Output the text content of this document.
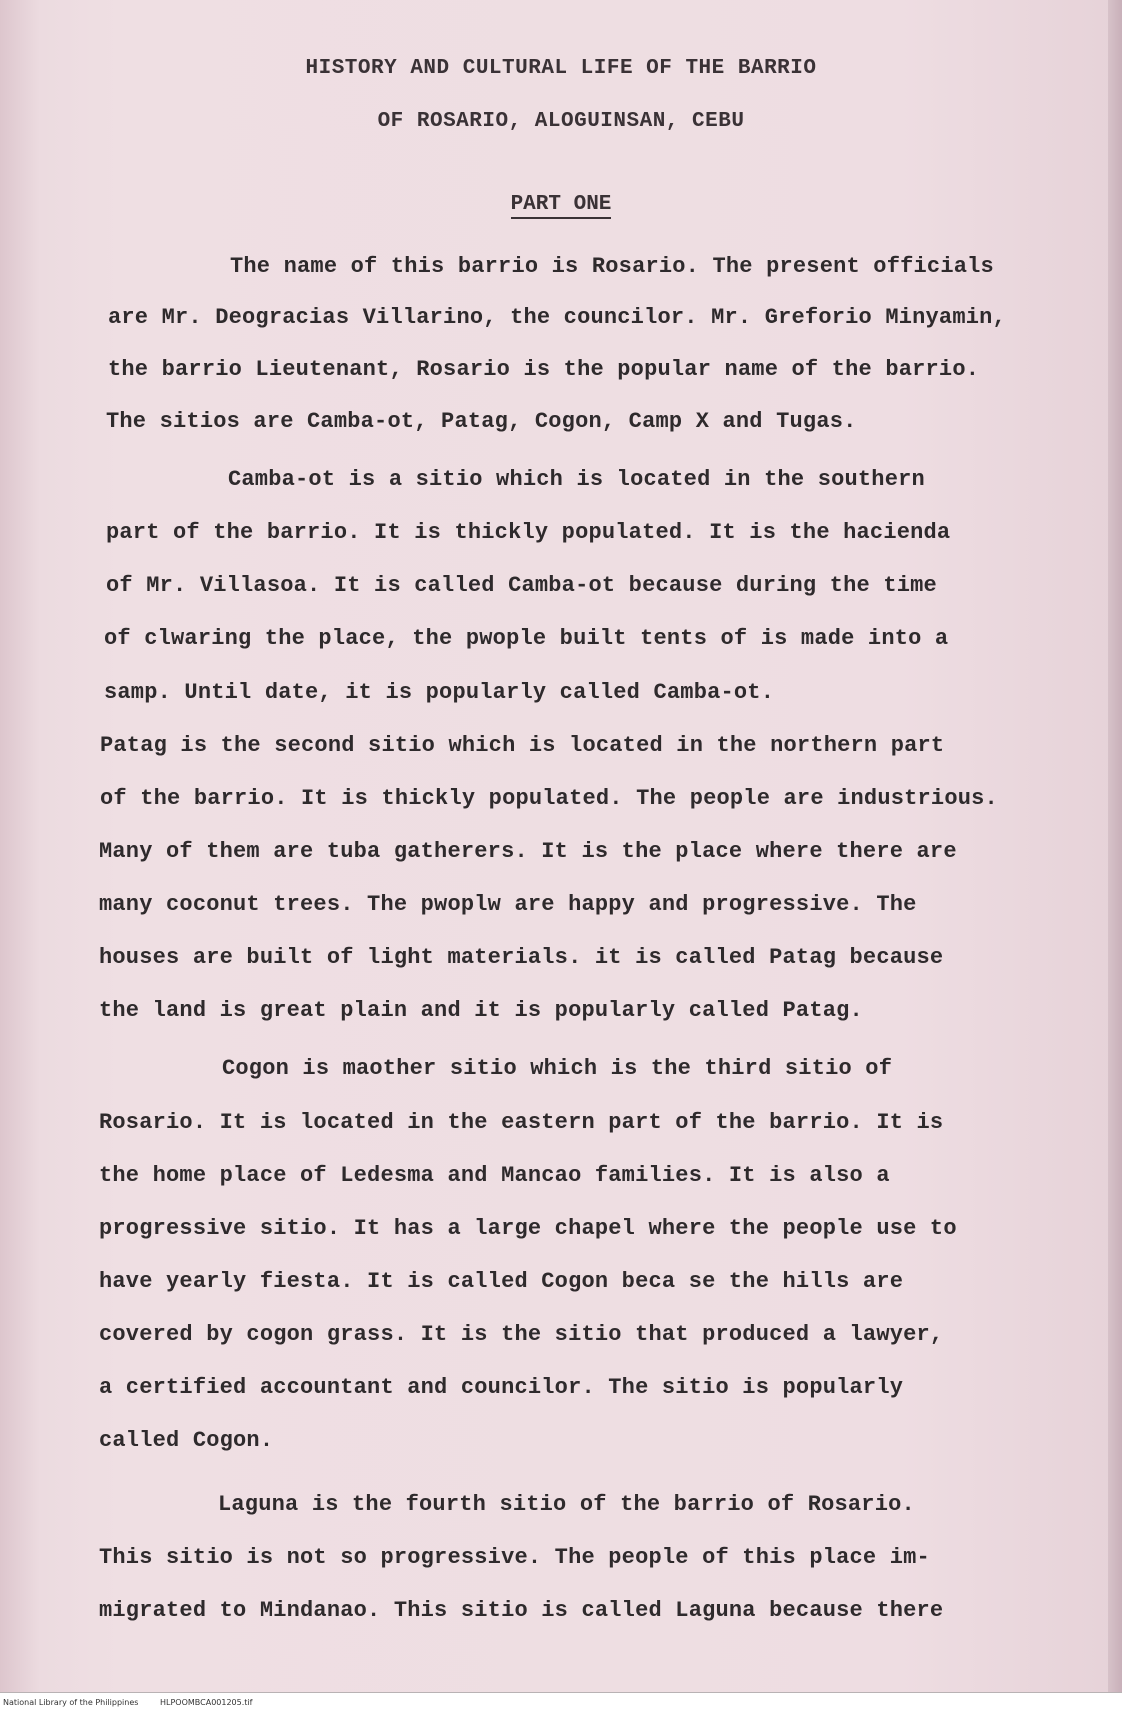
HISTORY AND CULTURAL LIFE OF THE BARRIO
OF ROSARIO, ALOGUINSAN, CEBU
PART ONE
The name of this barrio is Rosario. The present officials
are Mr. Deogracias Villarino, the councilor. Mr. Greforio Minyamin,
the barrio Lieutenant, Rosario is the popular name of the barrio.
The sitios are Camba-ot, Patag, Cogon, Camp X and Tugas.
Camba-ot is a sitio which is located in the southern
part of the barrio. It is thickly populated. It is the hacienda
of Mr. Villasoa. It is called Camba-ot because during the time
of clwaring the place, the pwople built tents of is made into a
samp. Until date, it is popularly called Camba-ot.
Patag is the second sitio which is located in the northern part
of the barrio. It is thickly populated. The people are industrious.
Many of them are tuba gatherers. It is the place where there are
many coconut trees. The pwoplw are happy and progressive. The
houses are built of light materials. it is called Patag because
the land is great plain and it is popularly called Patag.
Cogon is maother sitio which is the third sitio of
Rosario. It is located in the eastern part of the barrio. It is
the home place of Ledesma and Mancao families. It is also a
progressive sitio. It has a large chapel where the people use to
have yearly fiesta. It is called Cogon beca se the hills are
covered by cogon grass. It is the sitio that produced a lawyer,
a certified accountant and councilor. The sitio is popularly
called Cogon.
Laguna is the fourth sitio of the barrio of Rosario.
This sitio is not so progressive. The people of this place im-
migrated to Mindanao. This sitio is called Laguna because there
National Library of the Philippines	HLPOOMBCA001205.tif
